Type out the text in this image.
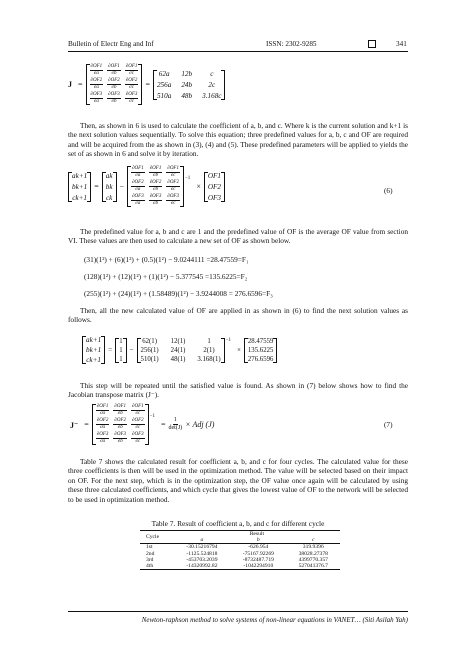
Bulletin of Electr Eng and Inf	ISSN: 2302-9285	341
J =
$\frac{\partial OF1}{\partial a} \frac{\partial OF1}{\partial b} \frac{\partial OF1}{\partial c}$
$\frac{\partial OF2}{\partial a} \frac{\partial OF2}{\partial b} \frac{\partial OF2}{\partial c}$
$\frac{\partial OF3}{\partial a} \frac{\partial OF3}{\partial b} \frac{\partial OF3}{\partial c}$
=
62a 12b	c
256a 24b 2c
510a 48b 3.168c

Then, as shown in 6 is used to calculate the coefficient of a, b, and c. Where k is the current solution and k+1 is the next solution values sequentially. To solve this equation; three predefined values for a, b, c and OF are required and will be acquired from the as shown in (3), (4) and (5). These predefined parameters will be applied to yields the set of as shown in 6 and solve it by iteration.

ak+1
bk+1
ck+1
=
ak
bk
ck
−
$\frac{\partial OF1}{\partial a} \frac{\partial OF1}{\partial b} \frac{\partial OF1}{\partial c}$
$\frac{\partial OF2}{\partial a} \frac{\partial OF2}{\partial b} \frac{\partial OF2}{\partial c}$
$\frac{\partial OF3}{\partial a} \frac{\partial OF3}{\partial b} \frac{\partial OF3}{\partial c}$
−1
×
OF1
OF2
OF3
(6)

The predefined value for a, b and c are 1 and the predefined value of OF is the average OF value from section VI. These values are then used to calculate a new set of OF as shown below.

(31)(1²) + (6)(1²) + (0.5)(1²) − 9.0244111 =28.47559=F₁
(128)(1²) + (12)(1²) + (1)(1²) − 5.377545 =135.6225=F₂
(255)(1²) + (24)(1²) + (1.58489)(1²) − 3.9244008 = 276.6596=F₃

Then, all the new calculated value of OF are applied in as shown in (6) to find the next solution values as follows.

ak+1
bk+1
ck+1
=
1
1
1
−
62(1) 12(1)	1
256(1) 24(1)	2(1)
510(1) 48(1) 3.168(1)
−1
×
28.47559
135.6225
276.6596

This step will be repeated until the satisfied value is found. As shown in (7) below shows how to find the Jacobian transpose matrix (J⁻).

J⁻ =
$\frac{\partial OF1}{\partial a} \frac{\partial OF1}{\partial b} \frac{\partial OF1}{\partial c}$
$\frac{\partial OF2}{\partial a} \frac{\partial OF2}{\partial b} \frac{\partial OF2}{\partial c}$
$\frac{\partial OF3}{\partial a} \frac{\partial OF3}{\partial b} \frac{\partial OF3}{\partial c}$
−1
= $\frac{1}{\det(J)}$ × Adj (J)	(7)

Table 7 shows the calculated result for coefficient a, b, and c for four cycles. The calculated value for these three coefficients is then will be used in the optimization method. The value will be selected based on their impact on OF. For the next step, which is in the optimization step, the OF value once again will be calculated by using these three calculated coefficients, and which cycle that gives the lowest value of OF to the network will be selected to be used in optimization method.

Table 7. Result of coefficient a, b, and c for different cycle
Cycle	Result		
	a	b	c
1st	-30.15216794	-626.954	319.9396
2nd	-1125.524818	-75167.92269	38028.27378
3rd	-453703.2039	-8732487.719	4399770.357
4th	-14320992.82	-1042294910	527041376.7
Newton-raphson method to solve systems of non-linear equations in VANET… (Siti Asilah Yah)
